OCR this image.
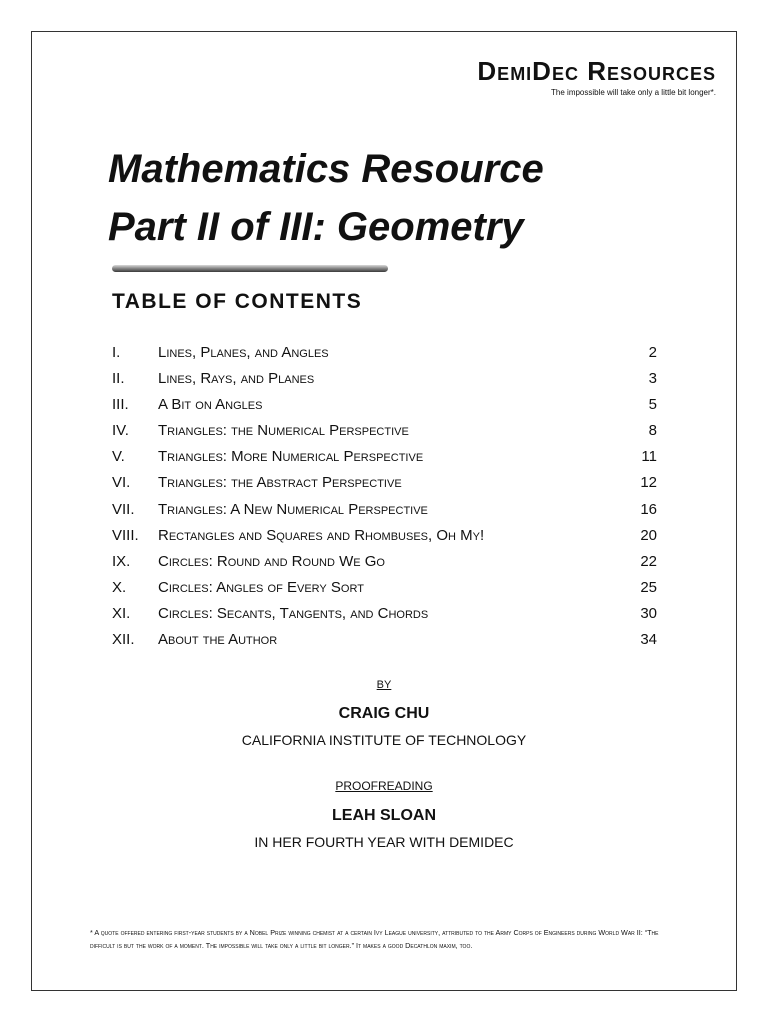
DemiDec Resources
The impossible will take only a little bit longer*.
Mathematics Resource
Part II of III: Geometry
TABLE OF CONTENTS
I.	Lines, Planes, and Angles	2
II. Lines, Rays, and Planes	3
III. A Bit on Angles	5
IV. Triangles: the Numerical Perspective	8
V. Triangles: More Numerical Perspective	11
VI. Triangles: the Abstract Perspective	12
VII. Triangles: A New Numerical Perspective	16
VIII. Rectangles and Squares and Rhombuses, Oh My!	20
IX. Circles: Round and Round We Go	22
X. Circles: Angles of Every Sort	25
XI. Circles: Secants, Tangents, and Chords	30
XII. About the Author	34
BY
CRAIG CHU
CALIFORNIA INSTITUTE OF TECHNOLOGY
PROOFREADING
LEAH SLOAN
IN HER FOURTH YEAR WITH DEMIDEC
* A quote offered entering first-year students by a Nobel Prize winning chemist at a certain Ivy League university, attributed to the Army Corps of Engineers during World War II: “The difficult is but the work of a moment. The impossible will take only a little bit longer.” It makes a good Decathlon maxim, too.
